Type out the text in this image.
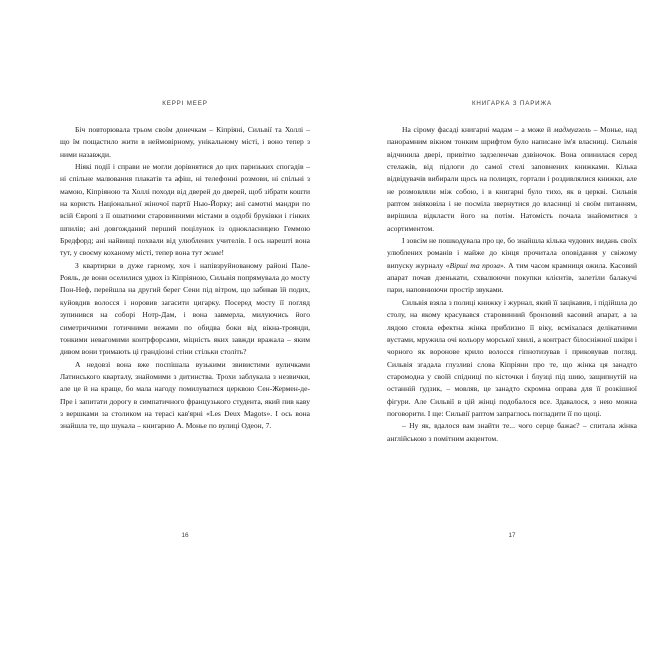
КЕРРІ МЕЕР

Біч повторювала трьом своїм донечкам – Кіпріяні, Сильвії та Холлі – що їм пощастило жити в неймовірному, унікальному місті, і воно тепер з ними назавжди.

Ніякі події і справи не могли дорівнятися до цих паризьких спогадів – ні спільне малювання плакатів та афіш, ні телефонні розмови, ні спільні з мамою, Кіпріяною та Холлі походи від дверей до дверей, щоб зібрати кошти на користь Національної жіночої партії Нью-Йорку; ані самотні мандри по всій Європі з її ошатними старовинними містами в оздобі бруківки і гінких шпилів; ані довгожданий перший поцілунок із однокласницею Геммою Бредфорд; ані найвищі похвали від улюблених учителів. І ось нарешті вона тут, у своєму коханому місті, тепер вона тут живе!

З квартирки в дуже гарному, хоч і напівзруйнованому районі Пале-Рояль, де вони оселилися удвох із Кіпріяною, Сильвія попрямувала до мосту Пон-Неф, перейшла на другий берег Сени під вітром, що забивав їй подих, куйовдив волосся і норовив загасити цигарку. Посеред мосту її погляд зупинився на соборі Нотр-Дам, і вона завмерла, милуючись його симетричними готичними вежами по обидва боки від вікна-троянди, тонкими невагомими контрфорсами, міцність яких завжди вражала – яким дивом вони тримають ці грандіозні стіни стільки століть?

А недовзі вона вже поспішала вузькими звивистими вуличками Латинського кварталу, знайомими з дитинства. Трохи заблукала з незвички, але це й на краще, бо мала нагоду помилуватися церквою Сен-Жермен-де-Пре і запитати дорогу в симпатичного французького студента, який пив каву з вершками за столиком на терасі кав'ярні «Les Deux Magots». І ось вона знайшла те, що шукала – книгарню А. Монье по вулиці Одеон, 7.

16
КНИГАРКА З ПАРИЖА

На сірому фасаді книгарні мадам – а може й мадмуазель – Монье, над панорамним вікном тонким шрифтом було написане ім'я власниці. Сильвія відчинила двері, привітно задзеленчав дзвіночок. Вона опинилася серед стелажів, від підлоги до самої стелі заповнених книжками. Кілька відвідувачів вибирали щось на полицях, гортали і роздивлялися книжки, але не розмовляли між собою, і в книгарні було тихо, як в церкві. Сильвія раптом зніяковіла і не посміла звернутися до власниці зі своїм питанням, вирішила відкласти його на потім. Натомість почала знайомитися з асортиментом.

І зовсім не пошкодувала про це, бо знайшла кілька чудових видань своїх улюблених романів і майже до кінця прочитала оповідання у свіжому випуску журналу «Вірші та проза». А тим часом крамниця ожила. Касовий апарат почав дзенькати, схвалюючи покупки клієнтів, залетіли балакучі пари, наповнюючи простір звуками.

Сильвія взяла з полиці книжку і журнал, який її зацікавив, і підійшла до столу, на якому красувався старовинний бронзовий касовий апарат, а за лядою стояла ефектна жінка приблизно її віку, всміхалася делікатними вустами, мружила очі кольору морської хвилі, а контраст білосніжної шкіри і чорного як воронове крило волосся гіпнотизував і приковував погляд. Сильвія згадала глузливі слова Кіпріяни про те, що жінка ця занадто старомодна у своїй спідниці по кісточки і блузці під шию, защипнутій на останній ґудзик, – мовляв, це занадто скромна оправа для її розкішної фігури. Але Сильвії в цій жінці подобалося все. Здавалося, з нею можна поговорити. І ще: Сильвії раптом запраглось погладити її по щоці.

– Ну як, вдалося вам знайти те... чого серце бажає? – спитала жінка англійською з помітним акцентом.

17
